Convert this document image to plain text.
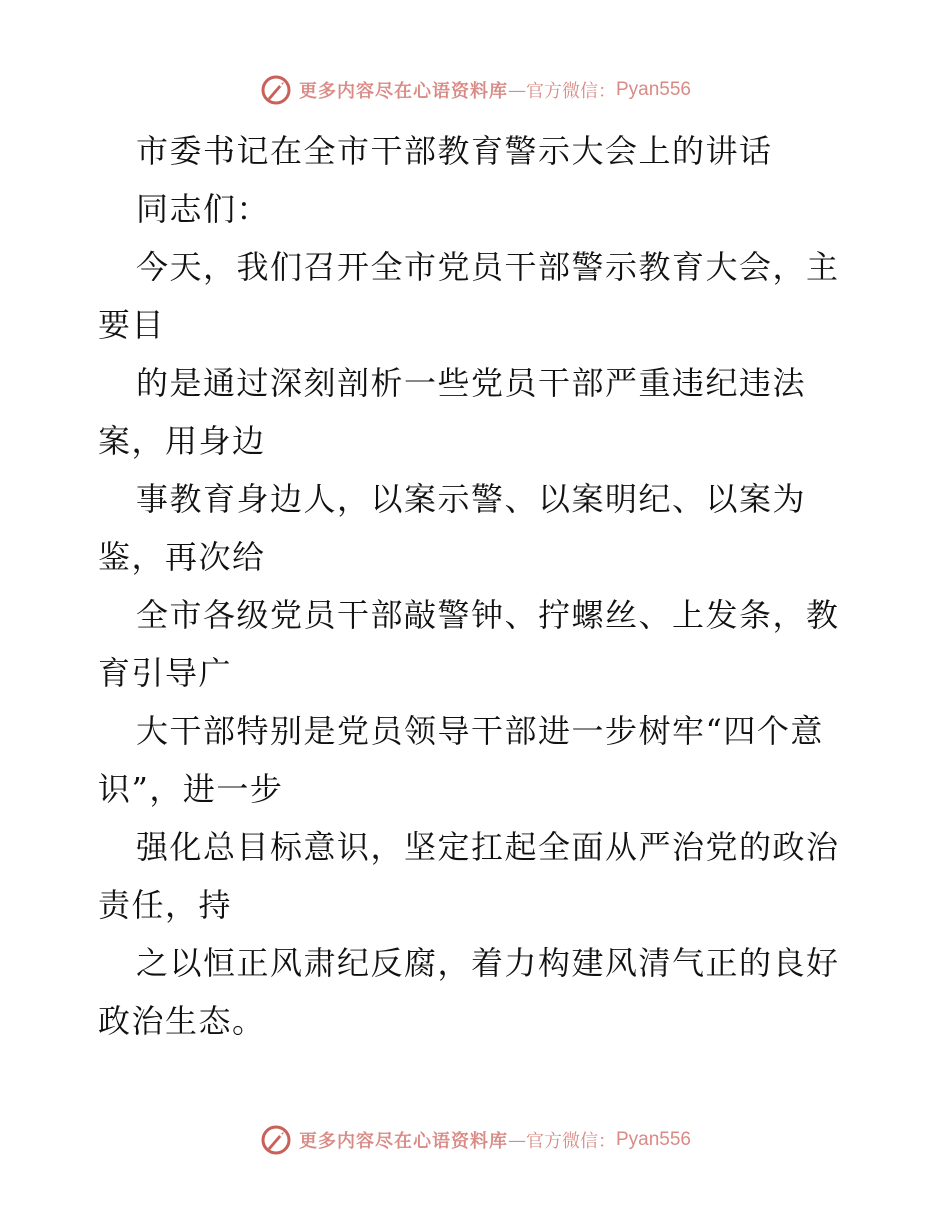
更多内容尽在心语资料库 — 官方微信： Pyan556
市委书记在全市干部教育警示大会上的讲话
同志们：
今天，我们召开全市党员干部警示教育大会，主
要目
的是通过深刻剖析一些党员干部严重违纪违法
案，用身边
事教育身边人，以案示警、以案明纪、以案为
鉴，再次给
全市各级党员干部敲警钟、拧螺丝、上发条，教
育引导广
大干部特别是党员领导干部进一步树牢“四个意
识”，进一步
强化总目标意识，坚定扛起全面从严治党的政治
责任，持
之以恒正风肃纪反腐，着力构建风清气正的良好
政治生态。
更多内容尽在心语资料库 — 官方微信： Pyan556
